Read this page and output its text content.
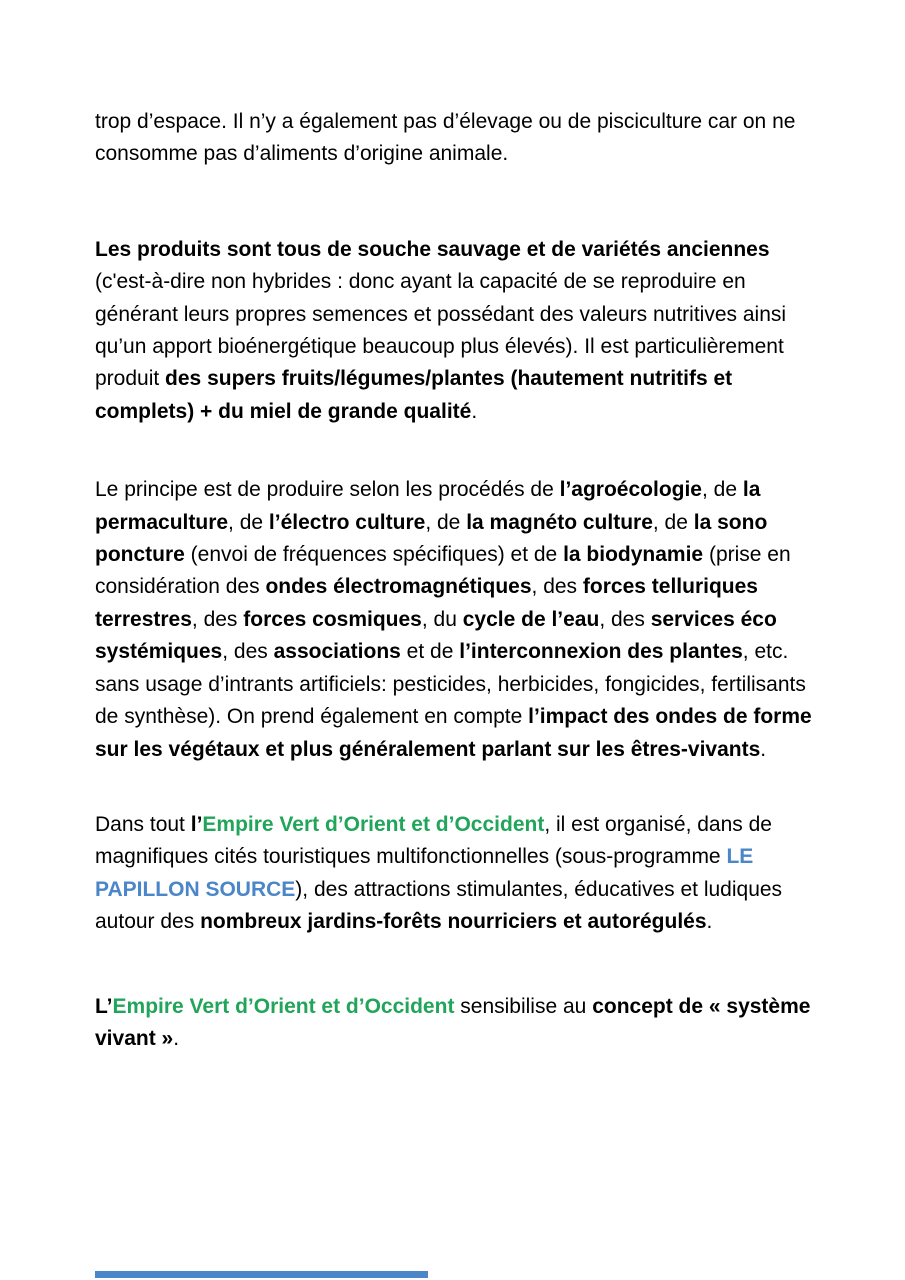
trop d’espace. Il n’y a également pas d’élevage ou de pisciculture car on ne
consomme pas d’aliments d’origine animale.
Les produits sont tous de souche sauvage et de variétés anciennes
(c'est-à-dire non hybrides : donc ayant la capacité de se reproduire en
générant leurs propres semences et possédant des valeurs nutritives ainsi
qu’un apport bioénergétique beaucoup plus élevés). Il est particulièrement
produit des supers fruits/légumes/plantes (hautement nutritifs et
complets) + du miel de grande qualité.
Le principe est de produire selon les procédés de l’agroécologie, de la
permaculture, de l’électro culture, de la magnéto culture, de la sono
poncture (envoi de fréquences spécifiques) et de la biodynamie (prise en
considération des ondes électromagnétiques, des forces telluriques
terrestres, des forces cosmiques, du cycle de l’eau, des services éco
systémiques, des associations et de l’interconnexion des plantes, etc.
sans usage d’intrants artificiels: pesticides, herbicides, fongicides, fertilisants
de synthèse). On prend également en compte l’impact des ondes de forme
sur les végétaux et plus généralement parlant sur les êtres-vivants.
Dans tout l’Empire Vert d’Orient et d’Occident, il est organisé, dans de
magnifiques cités touristiques multifonctionnelles (sous-programme LE
PAPILLON SOURCE), des attractions stimulantes, éducatives et ludiques
autour des nombreux jardins-forêts nourriciers et autorégulés.
L’Empire Vert d’Orient et d’Occident sensibilise au concept de « système
vivant ».
